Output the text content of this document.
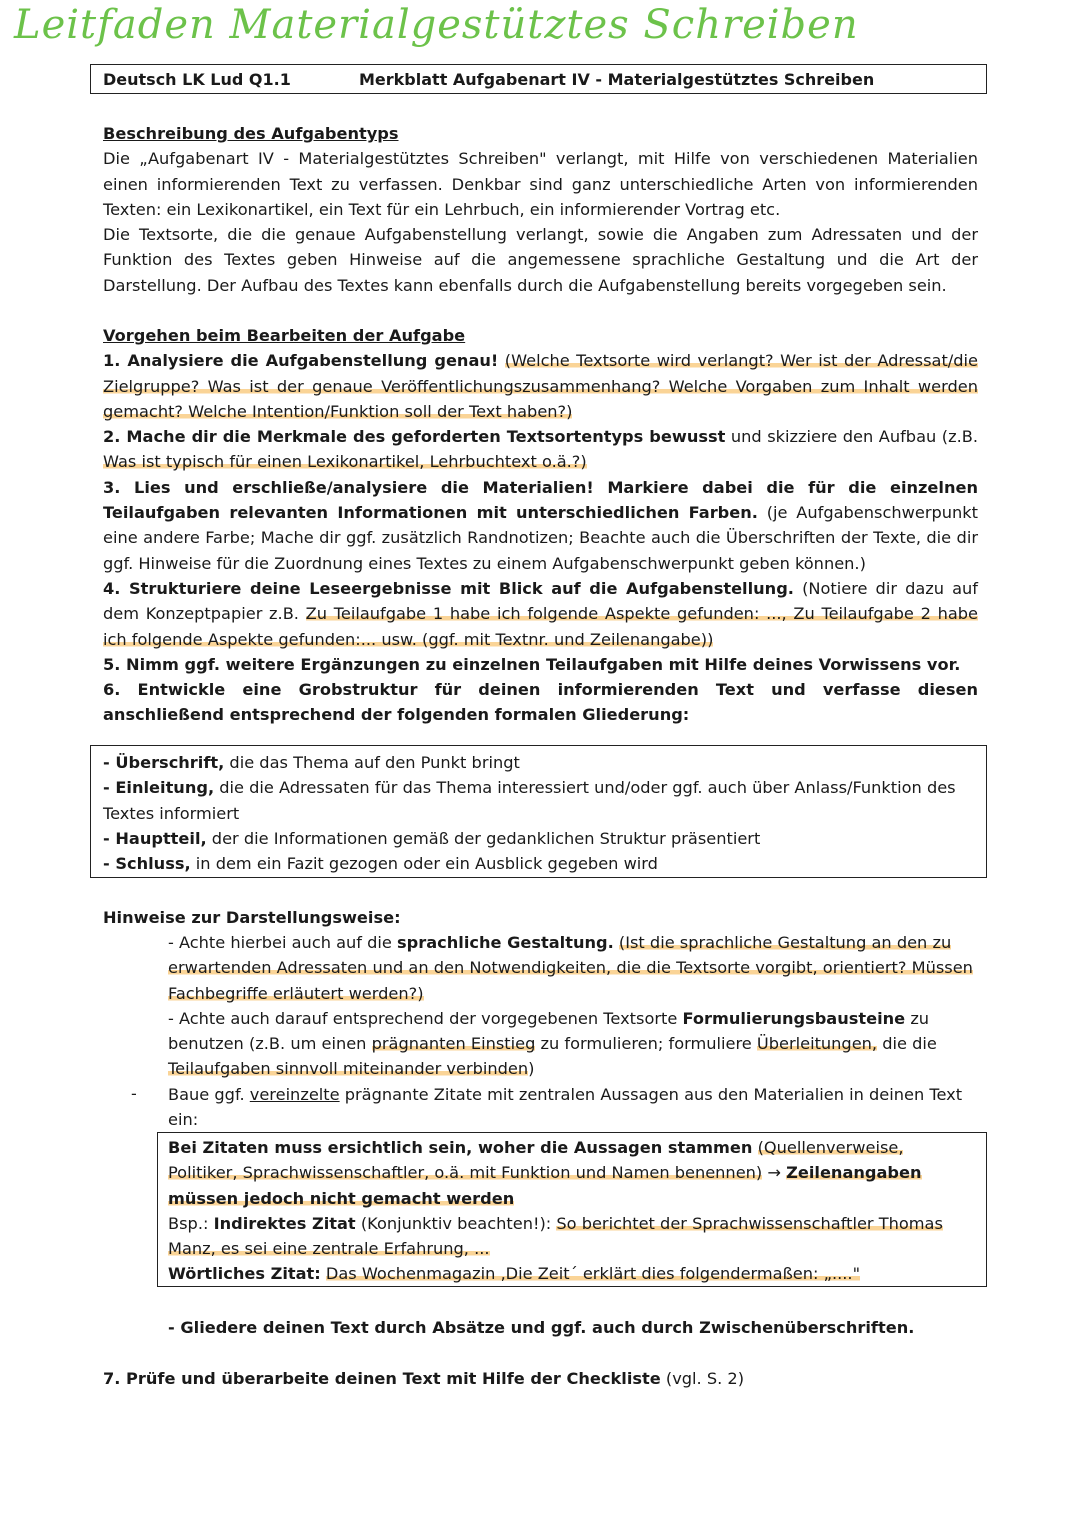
Leitfaden Materialgestütztes Schreiben
Deutsch LK Lud Q1.1	Merkblatt Aufgabenart IV - Materialgestütztes Schreiben

Beschreibung des Aufgabentyps

Die „Aufgabenart IV - Materialgestütztes Schreiben" verlangt, mit Hilfe von verschiedenen Materialien einen informierenden Text zu verfassen. Denkbar sind ganz unterschiedliche Arten von informierenden Texten: ein Lexikonartikel, ein Text für ein Lehrbuch, ein informierender Vortrag etc.

Die Textsorte, die die genaue Aufgabenstellung verlangt, sowie die Angaben zum Adressaten und der Funktion des Textes geben Hinweise auf die angemessene sprachliche Gestaltung und die Art der Darstellung. Der Aufbau des Textes kann ebenfalls durch die Aufgabenstellung bereits vorgegeben sein.

Vorgehen beim Bearbeiten der Aufgabe

1. Analysiere die Aufgabenstellung genau! (Welche Textsorte wird verlangt? Wer ist der Adressat/die Zielgruppe? Was ist der genaue Veröffentlichungszusammenhang? Welche Vorgaben zum Inhalt werden gemacht? Welche Intention/Funktion soll der Text haben?)

2. Mache dir die Merkmale des geforderten Textsortentyps bewusst und skizziere den Aufbau (z.B. Was ist typisch für einen Lexikonartikel, Lehrbuchtext o.ä.?)

3. Lies und erschließe/analysiere die Materialien! Markiere dabei die für die einzelnen Teilaufgaben relevanten Informationen mit unterschiedlichen Farben. (je Aufgabenschwerpunkt eine andere Farbe; Mache dir ggf. zusätzlich Randnotizen; Beachte auch die Überschriften der Texte, die dir ggf. Hinweise für die Zuordnung eines Textes zu einem Aufgabenschwerpunkt geben können.)

4. Strukturiere deine Leseergebnisse mit Blick auf die Aufgabenstellung. (Notiere dir dazu auf dem Konzeptpapier z.B. Zu Teilaufgabe 1 habe ich folgende Aspekte gefunden: ..., Zu Teilaufgabe 2 habe ich folgende Aspekte gefunden:... usw. (ggf. mit Textnr. und Zeilenangabe))

5. Nimm ggf. weitere Ergänzungen zu einzelnen Teilaufgaben mit Hilfe deines Vorwissens vor.

6. Entwickle eine Grobstruktur für deinen informierenden Text und verfasse diesen anschließend entsprechend der folgenden formalen Gliederung:

- Überschrift, die das Thema auf den Punkt bringt

- Einleitung, die die Adressaten für das Thema interessiert und/oder ggf. auch über Anlass/Funktion des Textes informiert

- Hauptteil, der die Informationen gemäß der gedanklichen Struktur präsentiert

- Schluss, in dem ein Fazit gezogen oder ein Ausblick gegeben wird

Hinweise zur Darstellungsweise:

- Achte hierbei auch auf die sprachliche Gestaltung. (Ist die sprachliche Gestaltung an den zu erwartenden Adressaten und an den Notwendigkeiten, die die Textsorte vorgibt, orientiert? Müssen Fachbegriffe erläutert werden?)

- Achte auch darauf entsprechend der vorgegebenen Textsorte Formulierungsbausteine zu benutzen (z.B. um einen prägnanten Einstieg zu formulieren; formuliere Überleitungen, die die Teilaufgaben sinnvoll miteinander verbinden)

Baue ggf. vereinzelte prägnante Zitate mit zentralen Aussagen aus den Materialien in deinen Text ein:

-

Bei Zitaten muss ersichtlich sein, woher die Aussagen stammen (Quellenverweise, Politiker, Sprachwissenschaftler, o.ä. mit Funktion und Namen benennen) → Zeilenangaben müssen jedoch nicht gemacht werden

Bsp.: Indirektes Zitat (Konjunktiv beachten!): So berichtet der Sprachwissenschaftler Thomas Manz, es sei eine zentrale Erfahrung, ...

Wörtliches Zitat: Das Wochenmagazin ‚Die Zeit´ erklärt dies folgendermaßen: „...."

- Gliedere deinen Text durch Absätze und ggf. auch durch Zwischenüberschriften.

7. Prüfe und überarbeite deinen Text mit Hilfe der Checkliste (vgl. S. 2)
